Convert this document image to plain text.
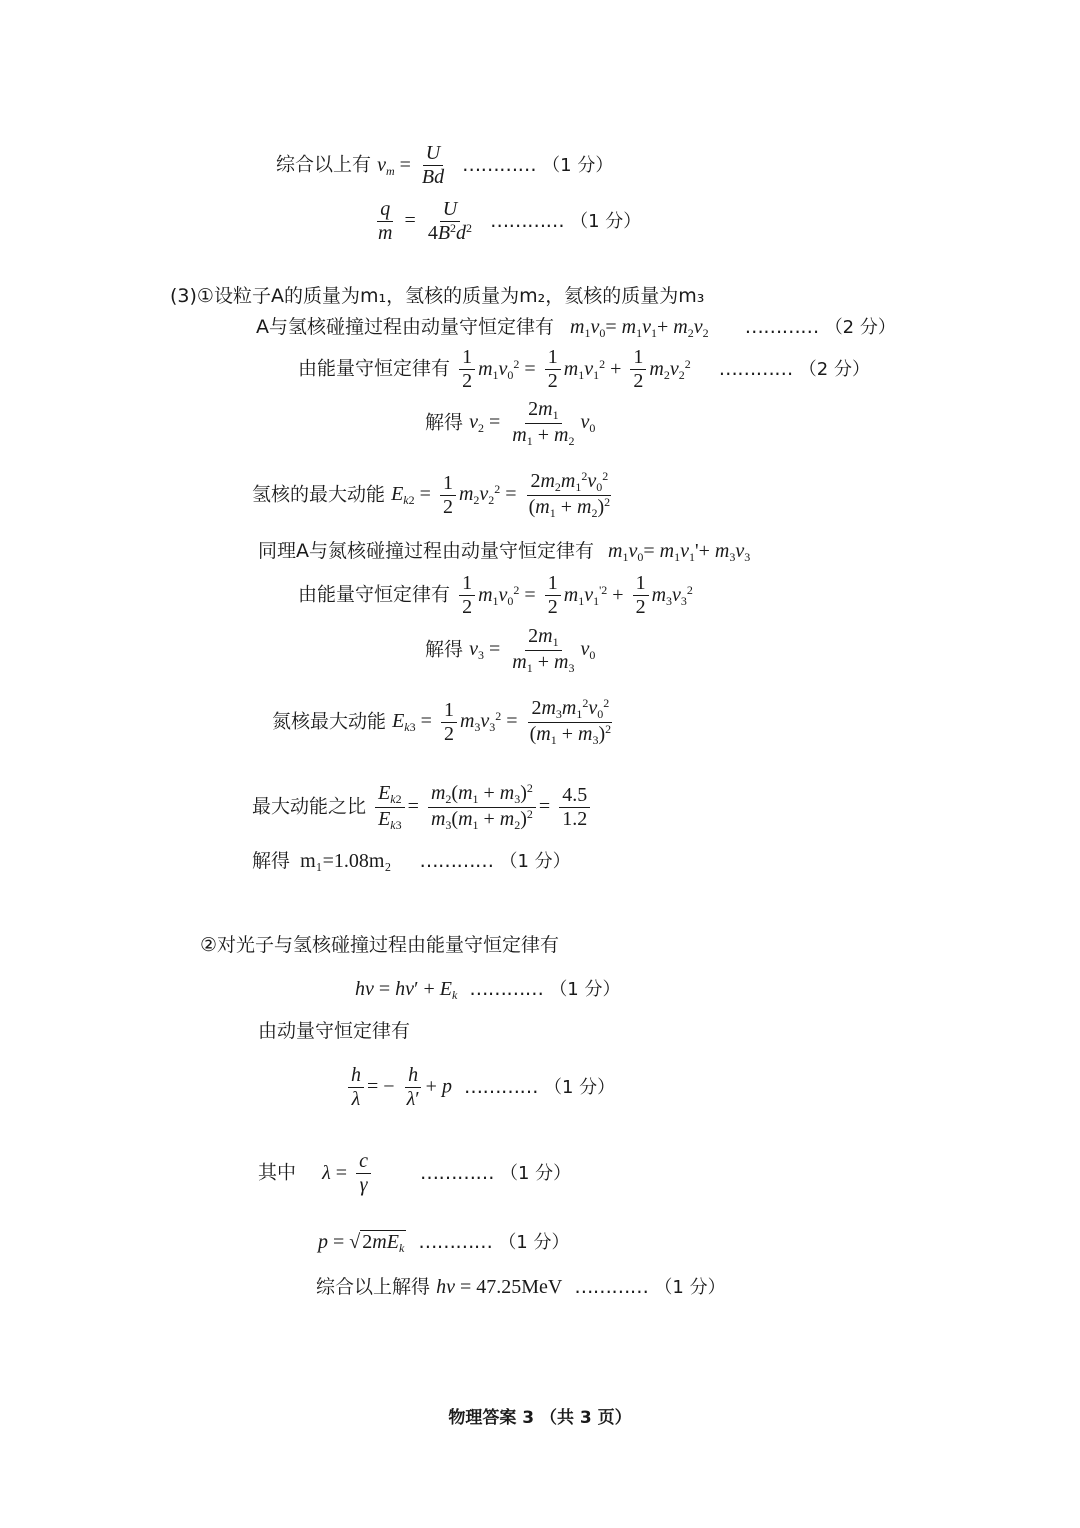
综合以上有 $v_m = \frac{U}{Bd}$ ………… （1 分）
$\frac{q}{m} = \frac{U}{4B^2d^2}$ ………… （1 分）
(3)①设粒子A的质量为m₁，氢核的质量为m₂，氦核的质量为m₃
A与氢核碰撞过程由动量守恒定律有 $m_1v_0= m_1v_1+ m_2v_2$ ………… （2 分）
由能量守恒定律有 $\frac{1}{2} m_1v_0^2 = \frac{1}{2} m_1v_1^2 + \frac{1}{2} m_2v_2^2$ ………… （2 分）
解得 $v_2 = \frac{2m_1}{m_1 + m_2} v_0$
氢核的最大动能 $E_{k2} = \frac{1}{2} m_2v_2^2 = \frac{2m_2m_1^2v_0^2}{(m_1 + m_2)^2}$
同理A与氮核碰撞过程由动量守恒定律有 $m_1v_0= m_1v_1'+ m_3v_3$
由能量守恒定律有 $\frac{1}{2} m_1v_0^2 = \frac{1}{2} m_1v_1^{'2} + \frac{1}{2} m_3v_3^2$
解得 $v_3 = \frac{2m_1}{m_1 + m_3} v_0$
氮核最大动能 $E_{k3} = \frac{1}{2} m_3v_3^2 = \frac{2m_3m_1^2v_0^2}{(m_1 + m_3)^2}$
最大动能之比 $\frac{E_{k2}}{E_{k3}} = \frac{m_2(m_1 + m_3)^2}{m_3(m_1 + m_2)^2} = \frac{4.5}{1.2}$
解得 m₁=1.08m₂ ………… （1 分）
②对光子与氢核碰撞过程由能量守恒定律有
$h\nu = h\nu' + E_k$ ………… （1 分）
由动量守恒定律有
$\frac{h}{\lambda}$ = − $\frac{h}{\lambda'} + p$ ………… （1 分）
其中 $\lambda = \frac{c}{\gamma}$	………… （1 分）
p = √ $2mE_k$ ………… （1 分）
综合以上解得 hν = 47.25MeV ………… （1 分）
物理答案 3 （共 3 页）
